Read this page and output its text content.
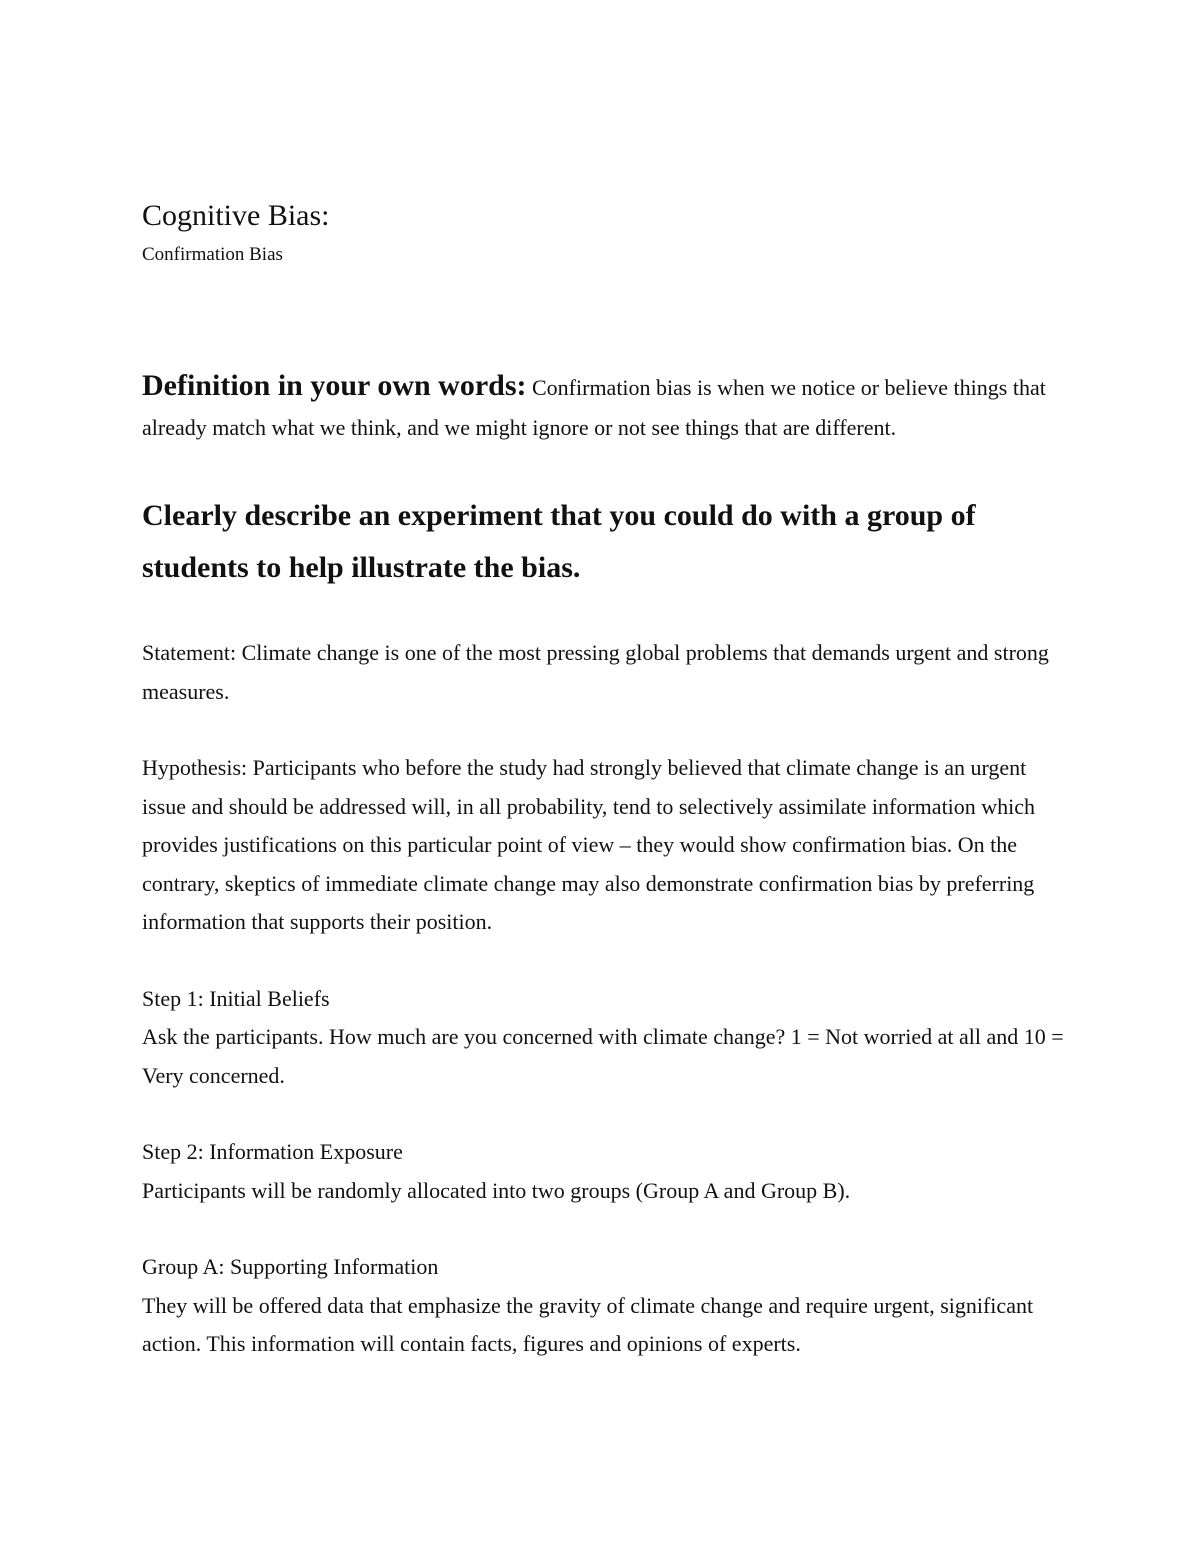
Cognitive Bias:

Confirmation Bias

Definition in your own words: Confirmation bias is when we notice or believe things that already match what we think, and we might ignore or not see things that are different.

Clearly describe an experiment that you could do with a group of students to help illustrate the bias.

Statement: Climate change is one of the most pressing global problems that demands urgent and strong measures.

Hypothesis: Participants who before the study had strongly believed that climate change is an urgent issue and should be addressed will, in all probability, tend to selectively assimilate information which provides justifications on this particular point of view – they would show confirmation bias. On the contrary, skeptics of immediate climate change may also demonstrate confirmation bias by preferring information that supports their position.

Step 1: Initial Beliefs

Ask the participants. How much are you concerned with climate change? 1 = Not worried at all and 10 = Very concerned.

Step 2: Information Exposure

Participants will be randomly allocated into two groups (Group A and Group B).

Group A: Supporting Information

They will be offered data that emphasize the gravity of climate change and require urgent, significant action. This information will contain facts, figures and opinions of experts.
